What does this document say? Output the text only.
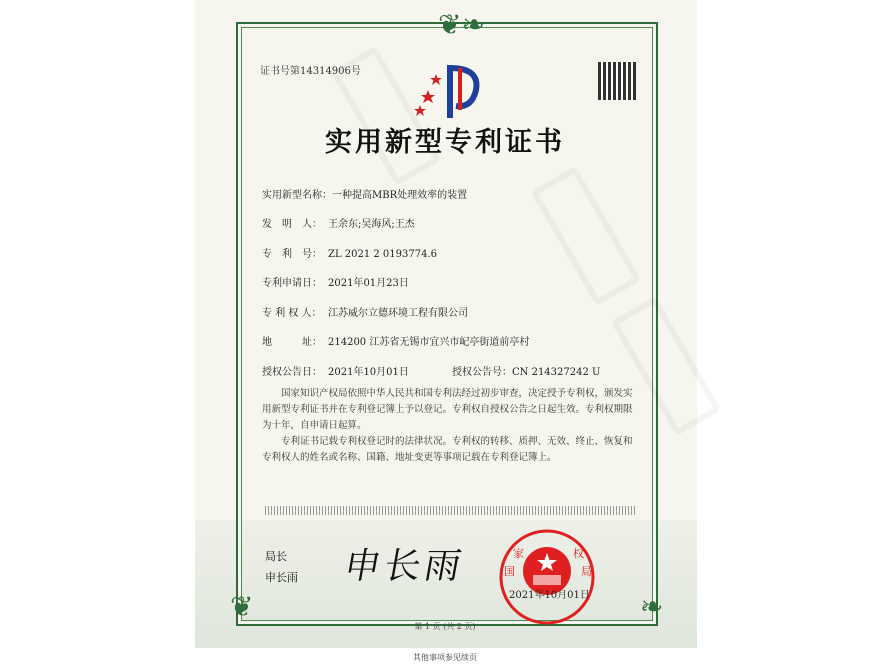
❦❧
❦	❧
证书号第14314906号
实用新型专利证书
实用新型名称：一种提高MBR处理效率的装置
发　明　人： 王余东;吴海风;王杰
专　利　号： ZL 2021 2 0193774.6
专利申请日： 2021年01月23日
专 利 权 人： 江苏威尔立德环境工程有限公司
地　　　址： 214200 江苏省无锡市宜兴市屺亭街道前亭村
授权公告日： 2021年10月01日	授权公告号：CN 214327242 U

国家知识产权局依照中华人民共和国专利法经过初步审查，决定授予专利权，颁发实用新型专利证书并在专利登记簿上予以登记。专利权自授权公告之日起生效。专利权期限为十年，自申请日起算。

专利证书记载专利权登记时的法律状况。专利权的转移、质押、无效、终止、恢复和专利权人的姓名或名称、国籍、地址变更等事项记载在专利登记簿上。

局长
申长雨 申长雨	家
国
权
局
2021年10月01日
第 1 页 (共 2 页)
其他事项参见续页
